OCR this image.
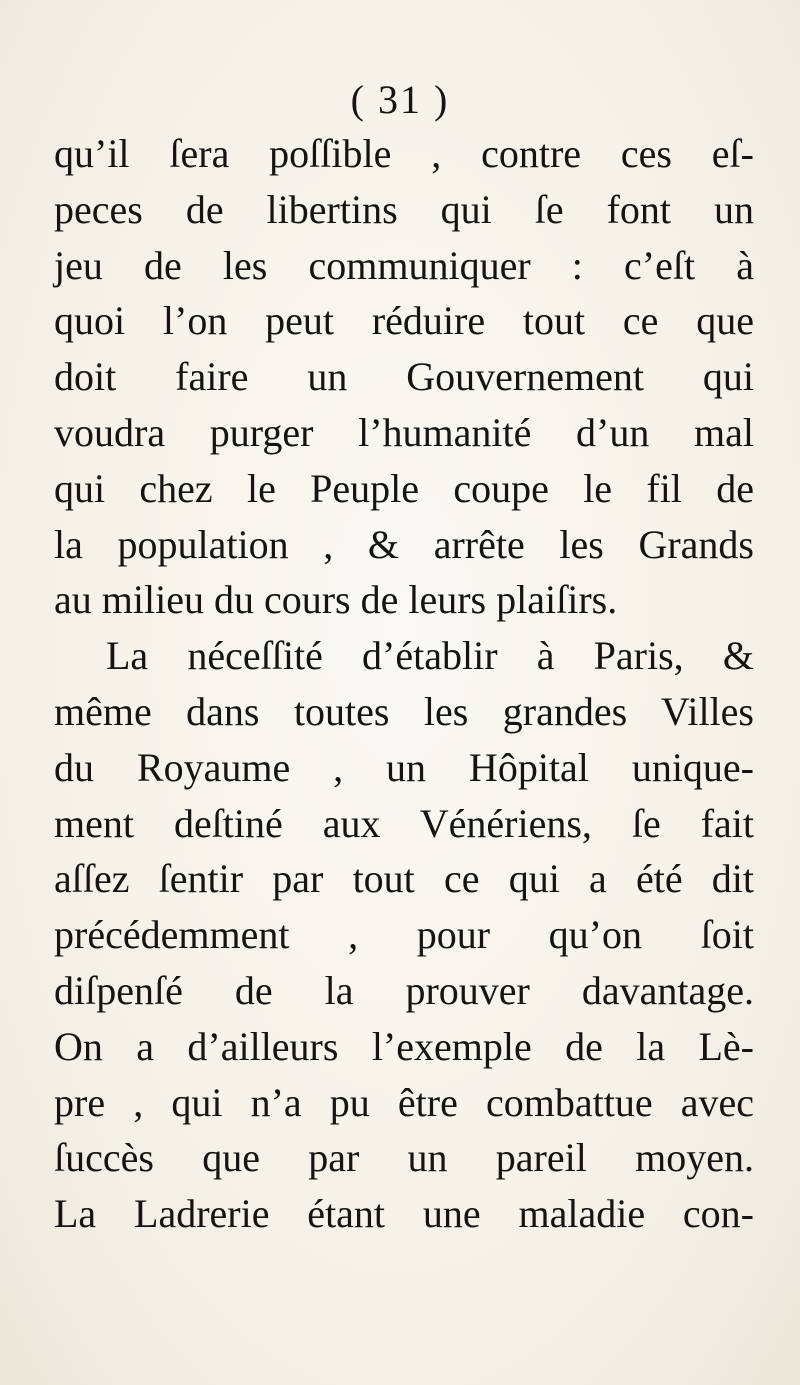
( 31 )
qu’il ſera poſſible , contre ces eſ-
peces de libertins qui ſe font un
jeu de les communiquer : c’eſt à
quoi l’on peut réduire tout ce que
doit faire un Gouvernement qui
voudra purger l’humanité d’un mal
qui chez le Peuple coupe le fil de
la population , & arrête les Grands
au milieu du cours de leurs plaiſirs.
La néceſſité d’établir à Paris, &
même dans toutes les grandes Villes
du Royaume , un Hôpital unique-
ment deſtiné aux Vénériens, ſe fait
aſſez ſentir par tout ce qui a été dit
précédemment , pour qu’on ſoit
diſpenſé de la prouver davantage.
On a d’ailleurs l’exemple de la Lè-
pre , qui n’a pu être combattue avec
ſuccès que par un pareil moyen.
La Ladrerie étant une maladie con-
